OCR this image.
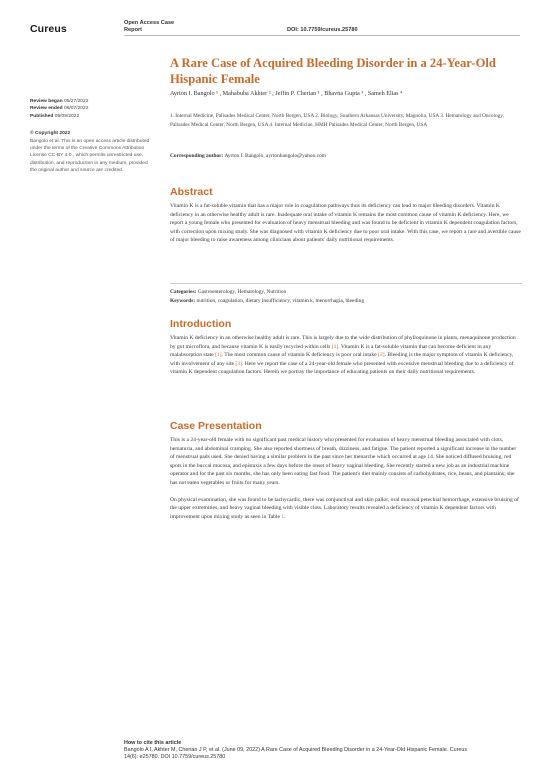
Cureus	Open Access Case
Report	DOI: 10.7759/cureus.25780
A Rare Case of Acquired Bleeding Disorder in a 24-Year-Old Hispanic Female
Ayrton I. Bangolo ¹ , Mahabuba Akhter ² , Jeffin P. Cherian ¹ , Bhavna Gupta ³ , Sameh Elias ⁴
1. Internal Medicine, Palisades Medical Center, North Bergen, USA 2. Biology, Southern Arkansas University, Magnolia, USA 3. Hematology and Oncology, Palisades Medical Center, North Bergen, USA 4. Internal Medicine, HMH Palisades Medical Center, North Bergen, USA
Corresponding author: Ayrton I. Bangolo, ayrtonbangolo@yahoo.com
Review began 05/27/2022
Review ended 06/07/2022
Published 06/09/2022
© Copyright 2022
Bangolo et al. This is an open access article distributed under the terms of the Creative Commons Attribution License CC-BY 4.0., which permits unrestricted use, distribution, and reproduction in any medium, provided the original author and source are credited.
Abstract
Vitamin K is a fat-soluble vitamin that has a major role in coagulation pathways thus its deficiency can lead to major bleeding disorders. Vitamin K deficiency in an otherwise healthy adult is rare. Inadequate oral intake of vitamin K remains the most common cause of vitamin K deficiency. Here, we report a young female who presented for evaluation of heavy menstrual bleeding and was found to be deficient in vitamin K dependent coagulation factors, with correction upon mixing study. She was diagnosed with vitamin K deficiency due to poor oral intake. With this case, we report a rare and avertible cause of major bleeding to raise awareness among clinicians about patients' daily nutritional requirements.
Categories: Gastroenterology, Hematology, Nutrition
Keywords: nutrition, coagulation, dietary insufficiency, vitamin k, menorrhagia, bleeding
Introduction
Vitamin K deficiency in an otherwise healthy adult is rare. This is largely due to the wide distribution of phylloquinone in plants, menaquinone production by gut microflora, and because vitamin K is easily recycled within cells [1]. Vitamin K is a fat-soluble vitamin that can become deficient in any malabsorption state [1]. The most common cause of vitamin K deficiency is poor oral intake [2]. Bleeding is the major symptom of vitamin K deficiency, with involvement of any site [3]. Here we report the case of a 24-year-old female who presented with excessive menstrual bleeding due to a deficiency of vitamin K dependent coagulation factors. Herein we portray the importance of educating patients on their daily nutritional requirements.
Case Presentation
This is a 24-year-old female with no significant past medical history who presented for evaluation of heavy menstrual bleeding associated with clots, hematuria, and abdominal cramping. She also reported shortness of breath, dizziness, and fatigue. The patient reported a significant increase in the number of menstrual pads used. She denied having a similar problem in the past since her menarche which occurred at age 14. She noticed diffused bruising, red spots in the buccal mucosa, and epistaxis a few days before the onset of heavy vaginal bleeding. She recently started a new job as an industrial machine operator and for the past six months, she has only been eating fast food. The patient's diet mainly consists of carbohydrates, rice, beans, and plantains; she has not eaten vegetables or fruits for many years.
On physical examination, she was found to be tachycardic, there was conjunctival and skin pallor, oral mucosal petechial hemorrhage, extensive bruising of the upper extremities, and heavy vaginal bleeding with visible clots. Laboratory results revealed a deficiency of vitamin K dependent factors with improvement upon mixing study as seen in Table 1.
How to cite this article
Bangolo A I, Akhter M, Cherian J P, et al. (June 09, 2022) A Rare Case of Acquired Bleeding Disorder in a 24-Year-Old Hispanic Female. Cureus
14(6): e25780. DOI 10.7759/cureus.25780
